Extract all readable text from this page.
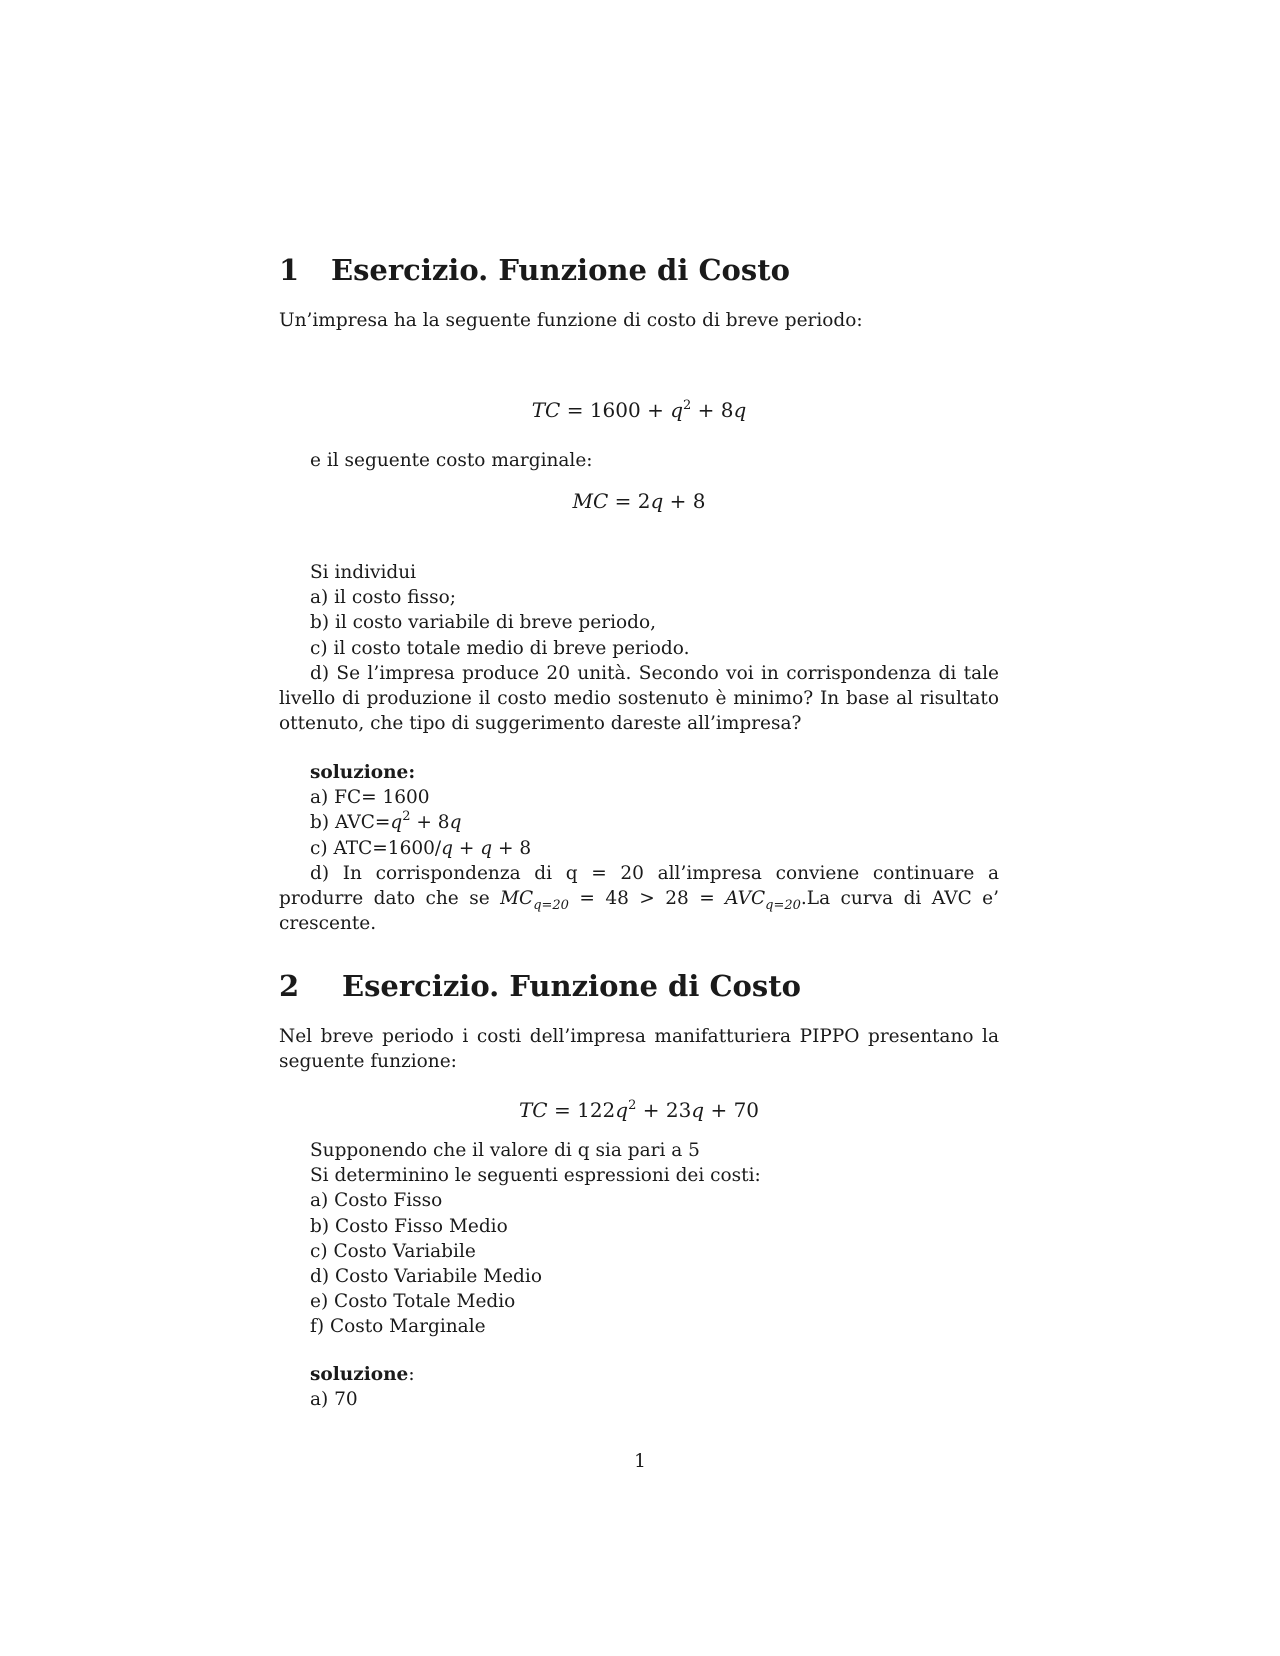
1 Esercizio. Funzione di Costo

Un’impresa ha la seguente funzione di costo di breve periodo:

TC = $1600 + q^2 + 8q$

e il seguente costo marginale:

MC = 2q + 8

Si individui

a) il costo fisso;

b) il costo variabile di breve periodo,

c) il costo totale medio di breve periodo.

d) Se l’impresa produce 20 unità. Secondo voi in corrispondenza di tale livello di produzione il costo medio sostenuto è minimo? In base al risultato ottenuto, che tipo di suggerimento dareste all’impresa?

soluzione:

a) FC= 1600

b) $AVC=q^2 + 8q$

c) ATC=1600/q + q + 8

d) In corrispondenza di q = 20 all’impresa conviene continuare a produrre dato che se $MC_{q=20} = 48 > 28 = AVC_{q=20}.La$ curva di AVC e’ crescente.

2 Esercizio. Funzione di Costo

Nel breve periodo i costi dell’impresa manifatturiera PIPPO presentano la seguente funzione:

TC = $122q^2 + 23q + 70$

Supponendo che il valore di q sia pari a 5

Si determinino le seguenti espressioni dei costi:

a) Costo Fisso

b) Costo Fisso Medio

c) Costo Variabile

d) Costo Variabile Medio

e) Costo Totale Medio

f) Costo Marginale

soluzione:

a) 70

1
